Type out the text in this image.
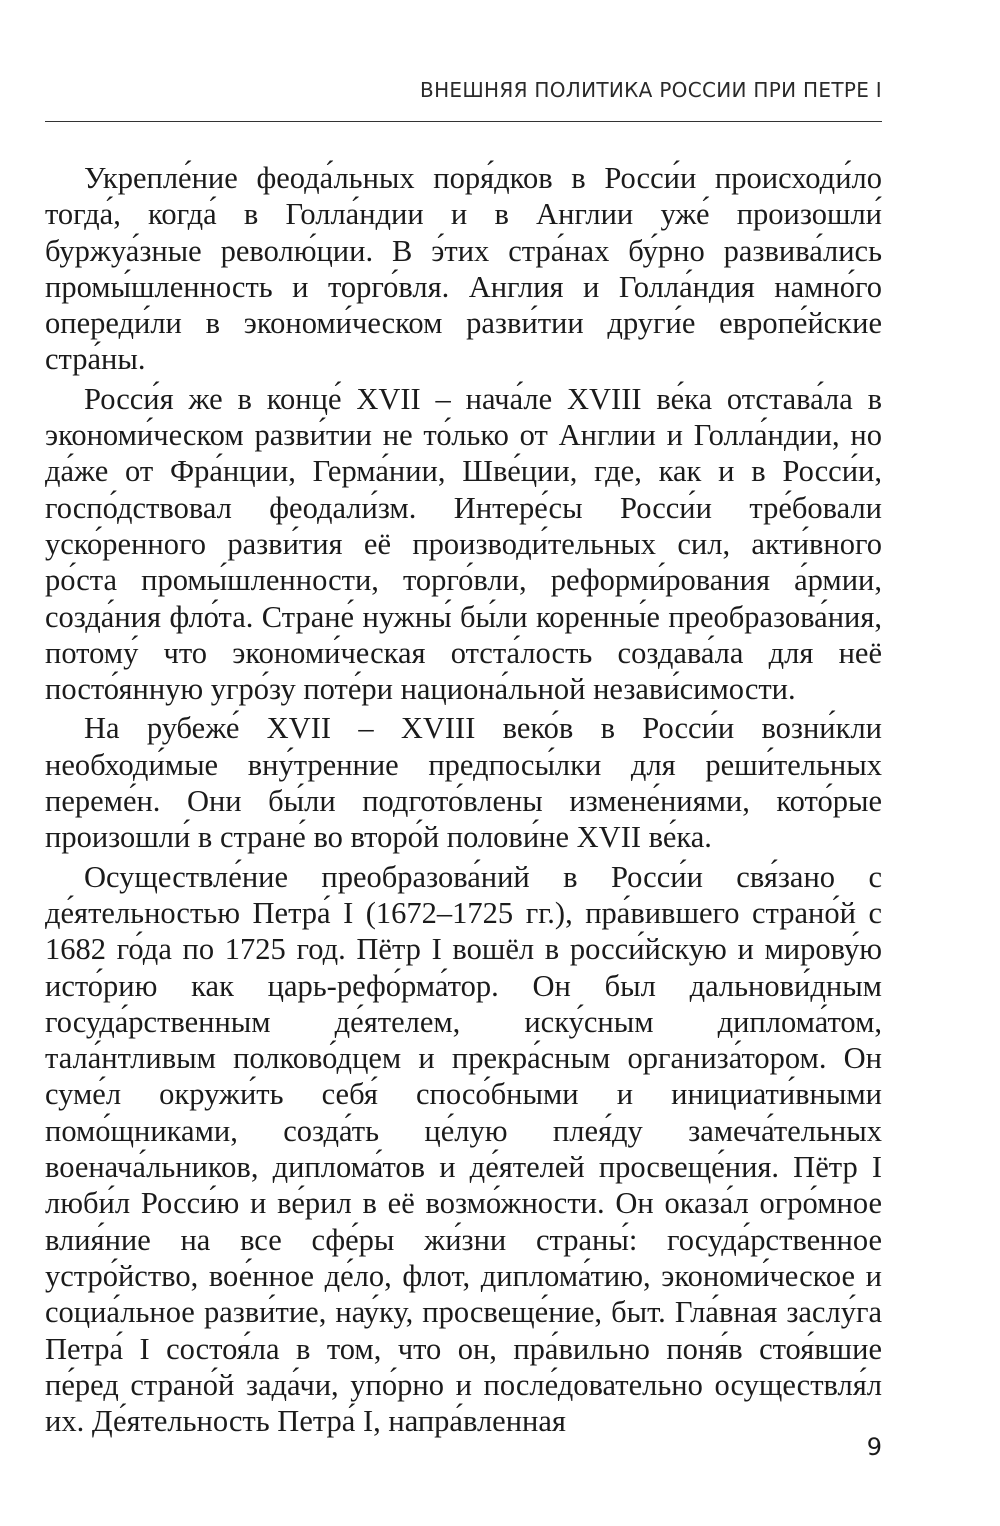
ВНЕШНЯЯ ПОЛИТИКА РОССИИ ПРИ ПЕТРЕ I

Укрепле́ние феода́льных поря́дков в Росси́и происходи́ло тогда́, когда́ в Голла́ндии и в Англии уже́ произошли́ буржуа́зные револю́ции. В э́тих стра́нах бу́рно развива́лись промы́шленность и торго́вля. Англия и Голла́ндия намно́го опереди́ли в экономи́ческом разви́тии други́е европе́йские стра́ны.

Росси́я же в конце́ XVII – нача́ле XVIII ве́ка отстава́ла в экономи́ческом разви́тии не то́лько от Англии и Голла́ндии, но да́же от Фра́нции, Герма́нии, Шве́ции, где, как и в Росси́и, госпо́дствовал феодали́зм. Интере́сы Росси́и тре́бовали уско́ренного разви́тия её производи́тельных сил, акти́вного ро́ста промы́шленности, торго́вли, реформи́рования а́рмии, созда́ния фло́та. Стране́ нужны́ бы́ли коренны́е преобразова́ния, потому́ что экономи́ческая отста́лость создава́ла для неё посто́янную угро́зу поте́ри национа́льной незави́симости.

На рубеже́ XVII – XVIII веко́в в Росси́и возни́кли необходи́мые вну́тренние предпосы́лки для реши́тельных переме́н. Они бы́ли подгото́влены измене́ниями, кото́рые произошли́ в стране́ во второ́й полови́не XVII ве́ка.

Осуществле́ние преобразова́ний в Росси́и свя́зано с де́ятельностью Петра́ I (1672–1725 гг.), пра́вившего страно́й с 1682 го́да по 1725 год. Пётр I вошёл в росси́йскую и мирову́ю исто́рию как царь-рефо́рма́тор. Он был дальнови́дным госуда́рственным де́ятелем, иску́сным диплома́том, тала́нтливым полково́дцем и прекра́сным организа́тором. Он суме́л окружи́ть себя́ спосо́бными и инициати́вными помо́щниками, созда́ть це́лую плея́ду замеча́тельных военача́льников, диплома́тов и де́ятелей просвеще́ния. Пётр I люби́л Росси́ю и ве́рил в её возмо́жности. Он оказа́л огро́мное влия́ние на все сфе́ры жи́зни страны́: госуда́рственное устро́йство, вое́нное де́ло, флот, диплома́тию, экономи́ческое и социа́льное разви́тие, нау́ку, просвеще́ние, быт. Гла́вная заслу́га Петра́ I состоя́ла в том, что он, пра́вильно поня́в стоя́вшие пе́ред страно́й зада́чи, упо́рно и после́довательно осуществля́л их. Де́ятельность Петра́ I, напра́вленная

9
